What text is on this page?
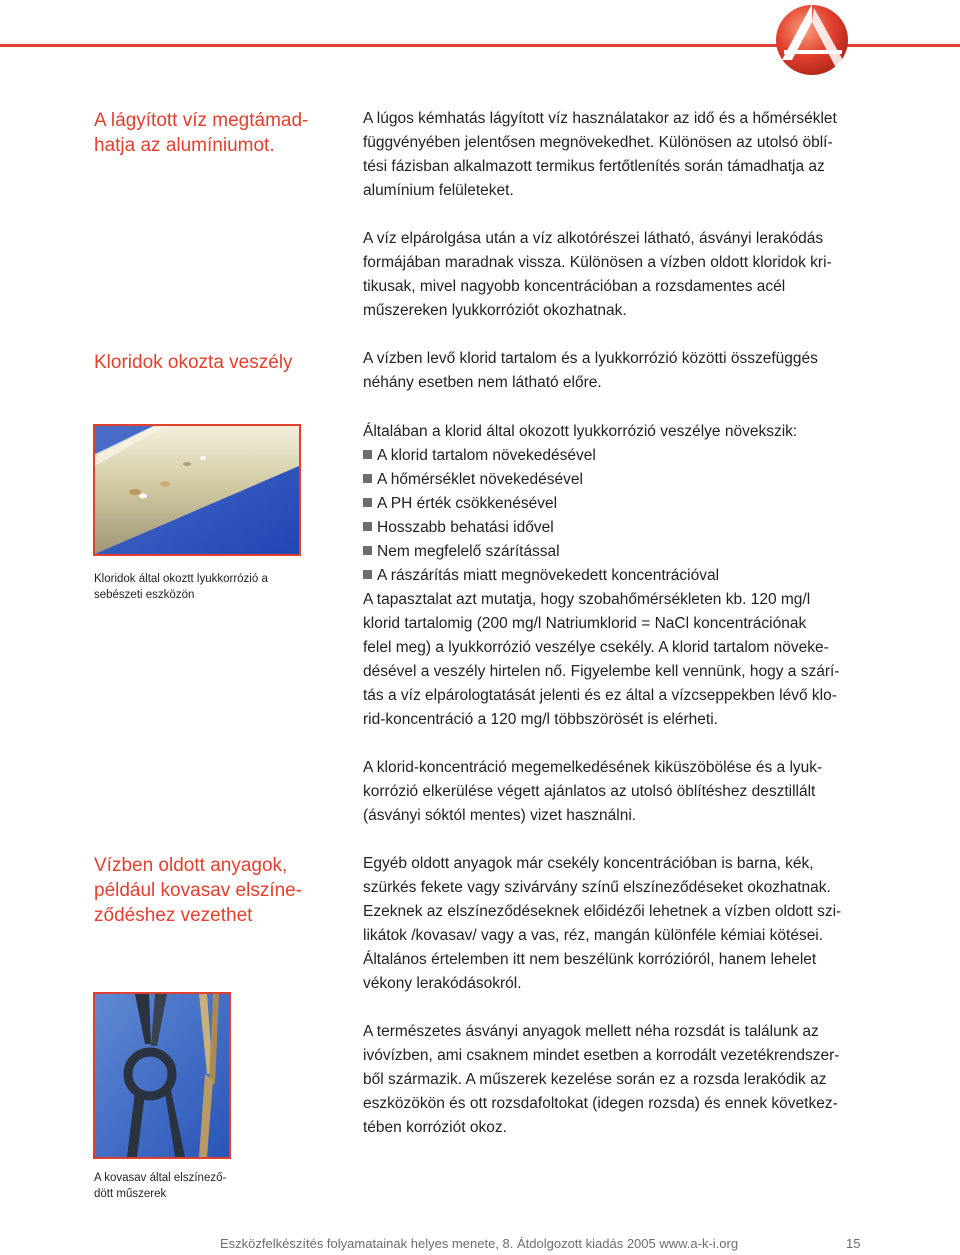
A lágyított víz megtámad-
hatja az alumíniumot.
Kloridok okozta veszély
Vízben oldott anyagok,
például kovasav elszíne-
ződéshez vezethet

A lúgos kémhatás lágyított víz használatakor az idő és a hőmérséklet
függvényében jelentősen megnövekedhet. Különösen az utolsó öblí-
tési fázisban alkalmazott termikus fertőtlenítés során támadhatja az
alumínium felületeket.

A víz elpárolgása után a víz alkotórészei látható, ásványi lerakódás
formájában maradnak vissza. Különösen a vízben oldott kloridok kri-
tikusak, mivel nagyobb koncentrációban a rozsdamentes acél
műszereken lyukkorróziót okozhatnak.

A vízben levő klorid tartalom és a lyukkorrózió közötti összefüggés
néhány esetben nem látható előre.

Általában a klorid által okozott lyukkorrózió veszélye növekszik:

A klorid tartalom növekedésével
A hőmérséklet növekedésével
A PH érték csökkenésével
Hosszabb behatási idővel
Nem megfelelő szárítással
A rászárítás miatt megnövekedett koncentrációval

A tapasztalat azt mutatja, hogy szobahőmérsékleten kb. 120 mg/l
klorid tartalomig (200 mg/l Natriumklorid = NaCl koncentrációnak
felel meg) a lyukkorrózió veszélye csekély. A klorid tartalom növeke-
désével a veszély hirtelen nő. Figyelembe kell vennünk, hogy a szárí-
tás a víz elpárologtatását jelenti és ez által a vízcseppekben lévő klo-
rid-koncentráció a 120 mg/l többszörösét is elérheti.

A klorid-koncentráció megemelkedésének kiküszöbölése és a lyuk-
korrózió elkerülése végett ajánlatos az utolsó öblítéshez desztillált
(ásványi sóktól mentes) vizet használni.

Egyéb oldott anyagok már csekély koncentrációban is barna, kék,
szürkés fekete vagy szivárvány színű elszíneződéseket okozhatnak.
Ezeknek az elszíneződéseknek előidézői lehetnek a vízben oldott szi-
likátok /kovasav/ vagy a vas, réz, mangán különféle kémiai kötései.
Általános értelemben itt nem beszélünk korrózióról, hanem lehelet
vékony lerakódásokról.

A természetes ásványi anyagok mellett néha rozsdát is találunk az
ivóvízben, ami csaknem mindet esetben a korrodált vezetékrendszer-
ből származik. A műszerek kezelése során ez a rozsda lerakódik az
eszközökön és ott rozsdafoltokat (idegen rozsda) és ennek következ-
tében korróziót okoz.

Kloridok által okoztt lyukkorrózió a
sebészeti eszközön
A kovasav által elszínező-
dött műszerek
Eszközfelkészítés folyamatainak helyes menete, 8. Átdolgozott kiadás 2005 www.a-k-i.org	15
